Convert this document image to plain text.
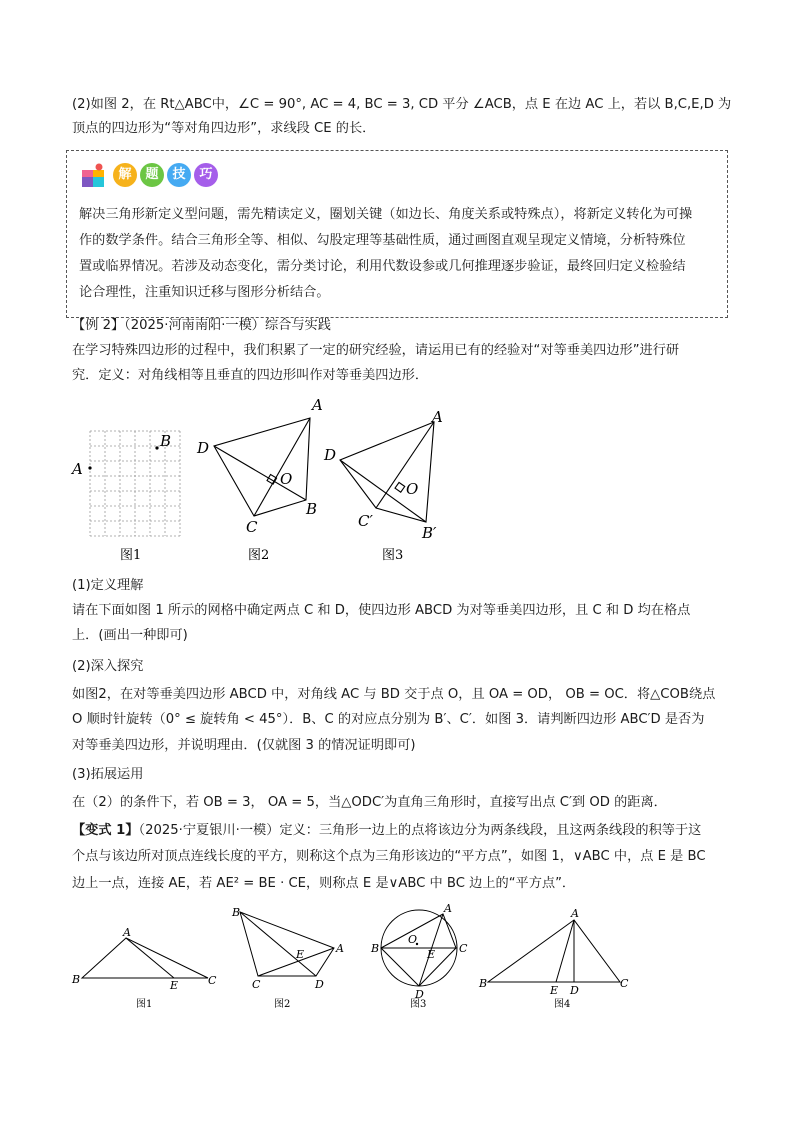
(2)如图 2，在 Rt△ABC中，∠C = 90°, AC = 4, BC = 3, CD 平分 ∠ACB，点 E 在边 AC 上，若以 B,C,E,D 为
顶点的四边形为“等对角四边形”，求线段 CE 的长．
解	题	技	巧
解决三角形新定义型问题，需先精读定义，圈划关键（如边长、角度关系或特殊点），将新定义转化为可操
作的数学条件。结合三角形全等、相似、勾股定理等基础性质，通过画图直观呈现定义情境，分析特殊位
置或临界情况。若涉及动态变化，需分类讨论，利用代数设参或几何推理逐步验证，最终回归定义检验结
论合理性，注重知识迁移与图形分析结合。
【例 2】（2025·河南南阳·一模）综合与实践
在学习特殊四边形的过程中，我们积累了一定的研究经验，请运用已有的经验对“对等垂美四边形”进行研
究．定义：对角线相等且垂直的四边形叫作对等垂美四边形．
A
B
图1
A
D
C
B
O
图2
A
D
C′
B′
O
图3
(1)定义理解
请在下面如图 1 所示的网格中确定两点 C 和 D，使四边形 ABCD 为对等垂美四边形，且 C 和 D 均在格点
上．(画出一种即可)
(2)深入探究
如图2，在对等垂美四边形 ABCD 中，对角线 AC 与 BD 交于点 O，且 OA = OD， OB = OC．将△COB绕点
O 顺时针旋转（0° ≤ 旋转角 < 45°）．B、C 的对应点分别为 B′、C′．如图 3．请判断四边形 ABC′D 是否为
对等垂美四边形，并说明理由．(仅就图 3 的情况证明即可)
(3)拓展运用
在（2）的条件下，若 OB = 3， OA = 5，当△ODC′为直角三角形时，直接写出点 C′到 OD 的距离．
【变式 1】（2025·宁夏银川·一模）定义：三角形一边上的点将该边分为两条线段，且这两条线段的积等于这
个点与该边所对顶点连线长度的平方，则称这个点为三角形该边的“平方点”，如图 1，∨ABC 中，点 E 是 BC
边上一点，连接 AE，若 AE² = BE · CE，则称点 E 是∨ABC 中 BC 边上的“平方点”．
A
B	C
E
图1
B
A
C	D
E
图2
A
B	C
D
E
O
图3
A
B	C
E D
图4
